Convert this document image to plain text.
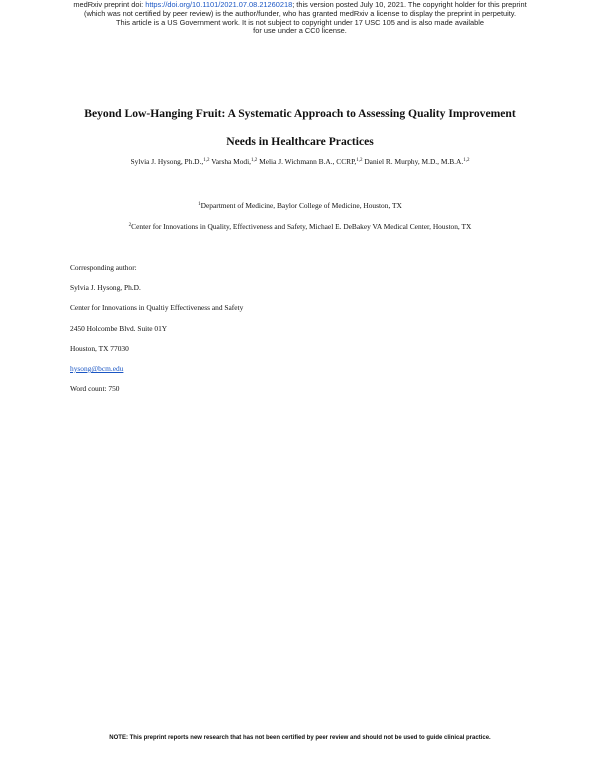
medRxiv preprint doi: https://doi.org/10.1101/2021.07.08.21260218; this version posted July 10, 2021. The copyright holder for this preprint
(which was not certified by peer review) is the author/funder, who has granted medRxiv a license to display the preprint in perpetuity.
This article is a US Government work. It is not subject to copyright under 17 USC 105 and is also made available
for use under a CC0 license.
Beyond Low-Hanging Fruit: A Systematic Approach to Assessing Quality Improvement
Needs in Healthcare Practices
Sylvia J. Hysong, Ph.D.,$^{1,2}$ Varsha Modi,$^{1,2}$ Melia J. Wichmann B.A., CCRP,$^{1,2}$ Daniel R. Murphy, M.D., M.B.A.$^{1,2}$
$^1$Department of Medicine, Baylor College of Medicine, Houston, TX
$^2$Center for Innovations in Quality, Effectiveness and Safety, Michael E. DeBakey VA Medical Center, Houston, TX
Corresponding author:
Sylvia J. Hysong, Ph.D.
Center for Innovations in Qualtiy Effectiveness and Safety
2450 Holcombe Blvd. Suite 01Y
Houston, TX 77030
hysong@bcm.edu
Word count: 750
NOTE: This preprint reports new research that has not been certified by peer review and should not be used to guide clinical practice.
